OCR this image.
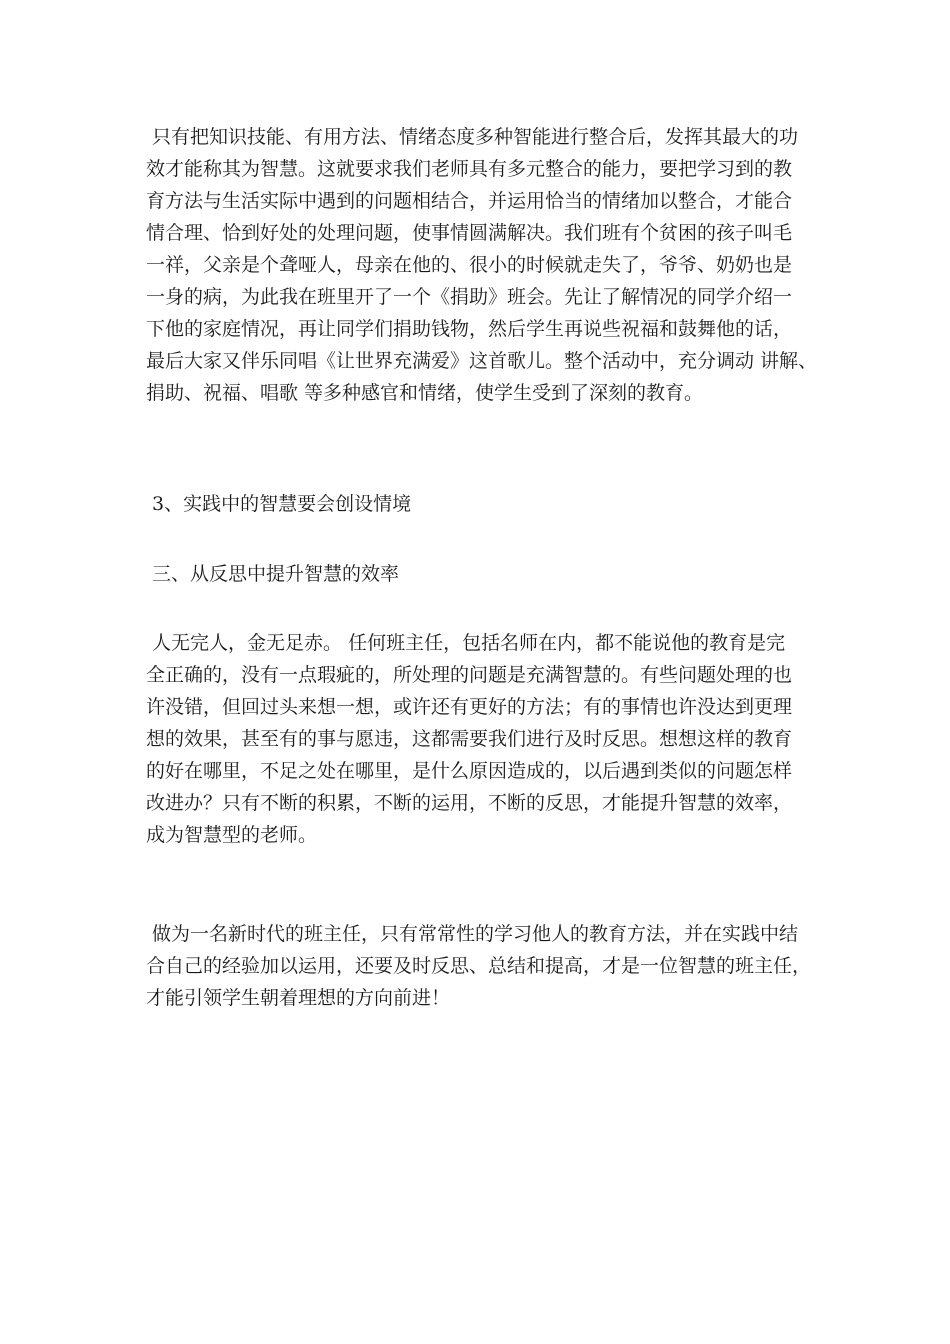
只有把知识技能、有用方法、情绪态度多种智能进行整合后，发挥其最大的功
效才能称其为智慧。这就要求我们老师具有多元整合的能力，要把学习到的教
育方法与生活实际中遇到的问题相结合，并运用恰当的情绪加以整合，才能合
情合理、恰到好处的处理问题，使事情圆满解决。我们班有个贫困的孩子叫毛
一祥，父亲是个聋哑人，母亲在他的、很小的时候就走失了，爷爷、奶奶也是
一身的病，为此我在班里开了一个《捐助》班会。先让了解情况的同学介绍一
下他的家庭情况，再让同学们捐助钱物，然后学生再说些祝福和鼓舞他的话，
最后大家又伴乐同唱《让世界充满爱》这首歌儿。整个活动中，充分调动 讲解、
捐助、祝福、唱歌 等多种感官和情绪，使学生受到了深刻的教育。
3、实践中的智慧要会创设情境
三、从反思中提升智慧的效率
人无完人，金无足赤。 任何班主任，包括名师在内，都不能说他的教育是完
全正确的，没有一点瑕疵的，所处理的问题是充满智慧的。有些问题处理的也
许没错，但回过头来想一想，或许还有更好的方法；有的事情也许没达到更理
想的效果，甚至有的事与愿违，这都需要我们进行及时反思。想想这样的教育
的好在哪里，不足之处在哪里，是什么原因造成的，以后遇到类似的问题怎样
改进办？只有不断的积累，不断的运用，不断的反思，才能提升智慧的效率，
成为智慧型的老师。
做为一名新时代的班主任，只有常常性的学习他人的教育方法，并在实践中结
合自己的经验加以运用，还要及时反思、总结和提高，才是一位智慧的班主任，
才能引领学生朝着理想的方向前进！
